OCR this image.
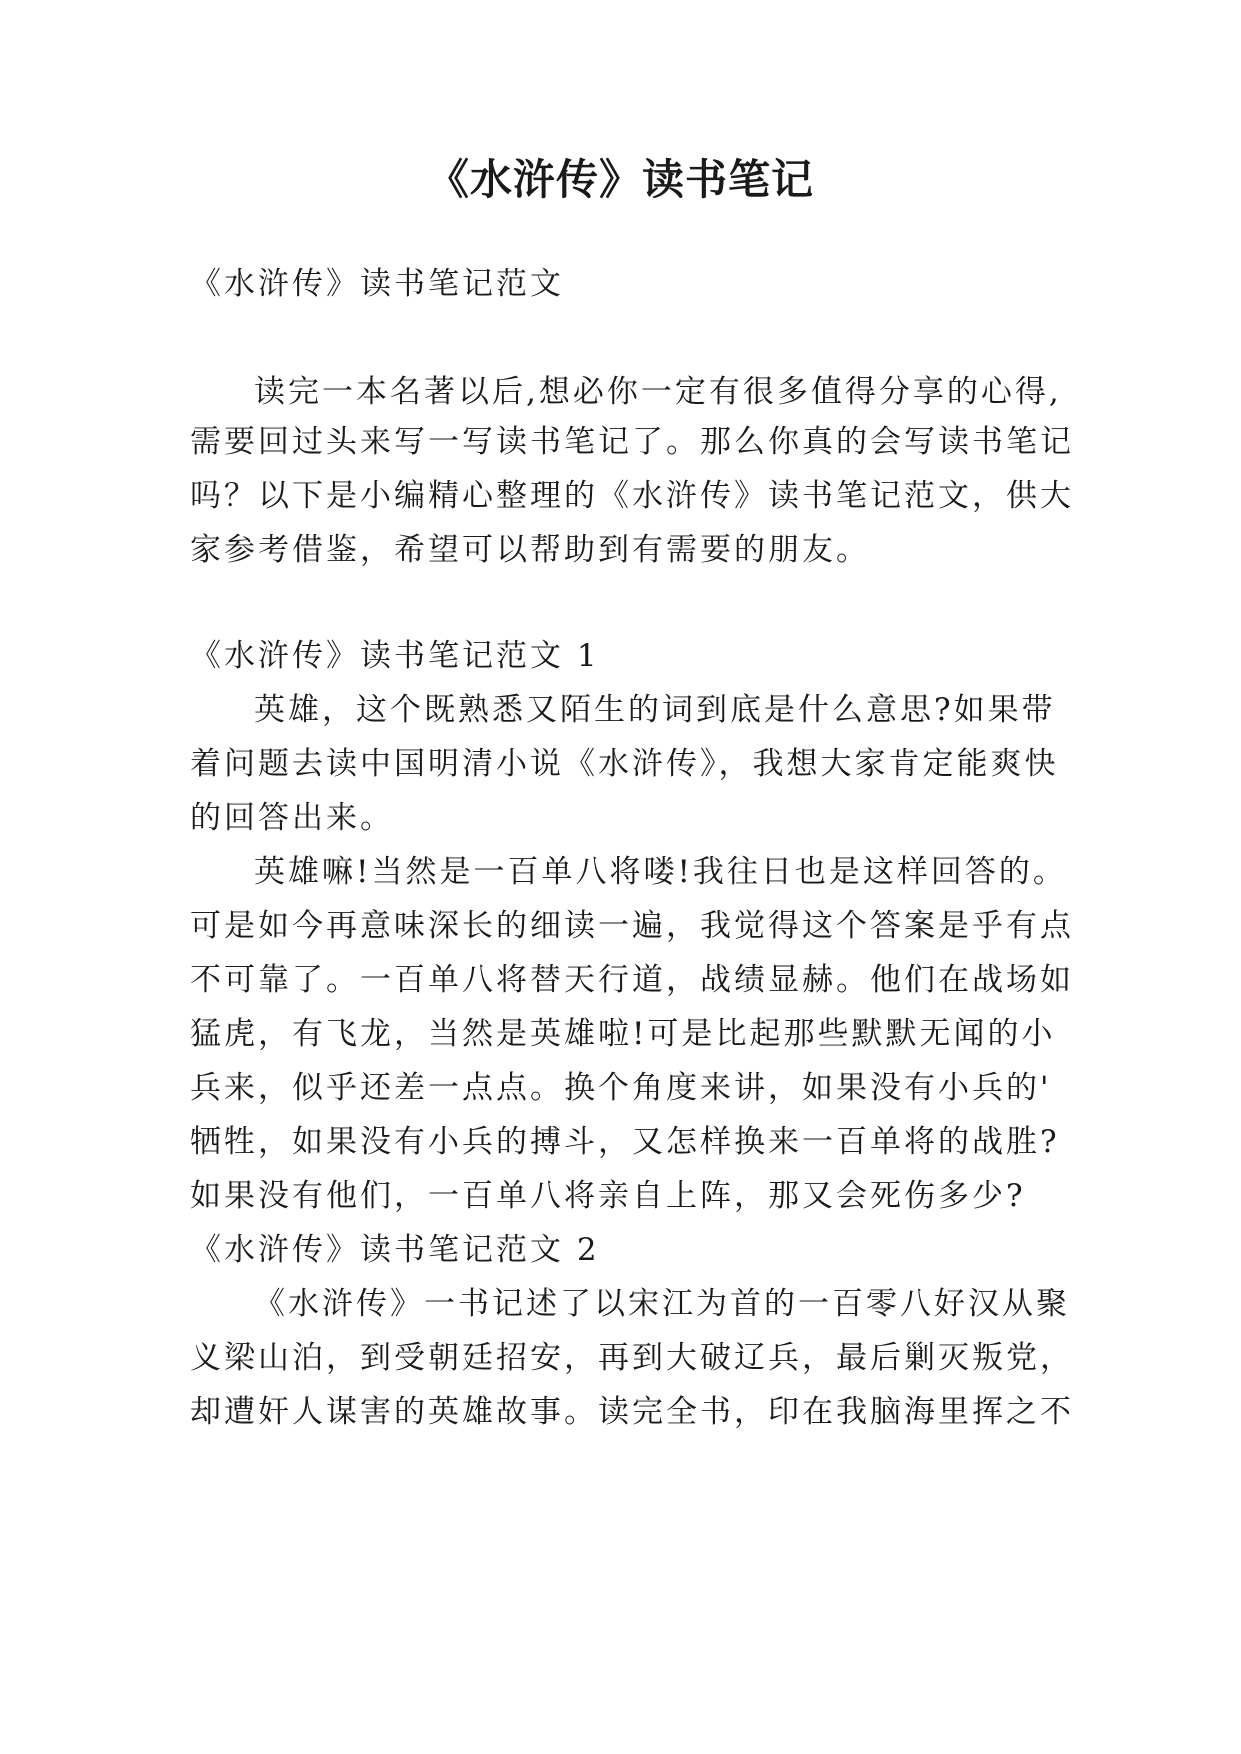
《水浒传》读书笔记
《水浒传》读书笔记范文
读完一本名著以后,想必你一定有很多值得分享的心得,
需要回过头来写一写读书笔记了。那么你真的会写读书笔记
吗？以下是小编精心整理的《水浒传》读书笔记范文，供大
家参考借鉴，希望可以帮助到有需要的朋友。
《水浒传》读书笔记范文 1
英雄，这个既熟悉又陌生的词到底是什么意思?如果带
着问题去读中国明清小说《水浒传》，我想大家肯定能爽快
的回答出来。
英雄嘛!当然是一百单八将喽!我往日也是这样回答的。
可是如今再意味深长的细读一遍，我觉得这个答案是乎有点
不可靠了。一百单八将替天行道，战绩显赫。他们在战场如
猛虎，有飞龙，当然是英雄啦!可是比起那些默默无闻的小
兵来，似乎还差一点点。换个角度来讲，如果没有小兵的'
牺牲，如果没有小兵的搏斗，又怎样换来一百单将的战胜?
如果没有他们，一百单八将亲自上阵，那又会死伤多少?
《水浒传》读书笔记范文 2
《水浒传》一书记述了以宋江为首的一百零八好汉从聚
义梁山泊，到受朝廷招安，再到大破辽兵，最后剿灭叛党，
却遭奸人谋害的英雄故事。读完全书，印在我脑海里挥之不
